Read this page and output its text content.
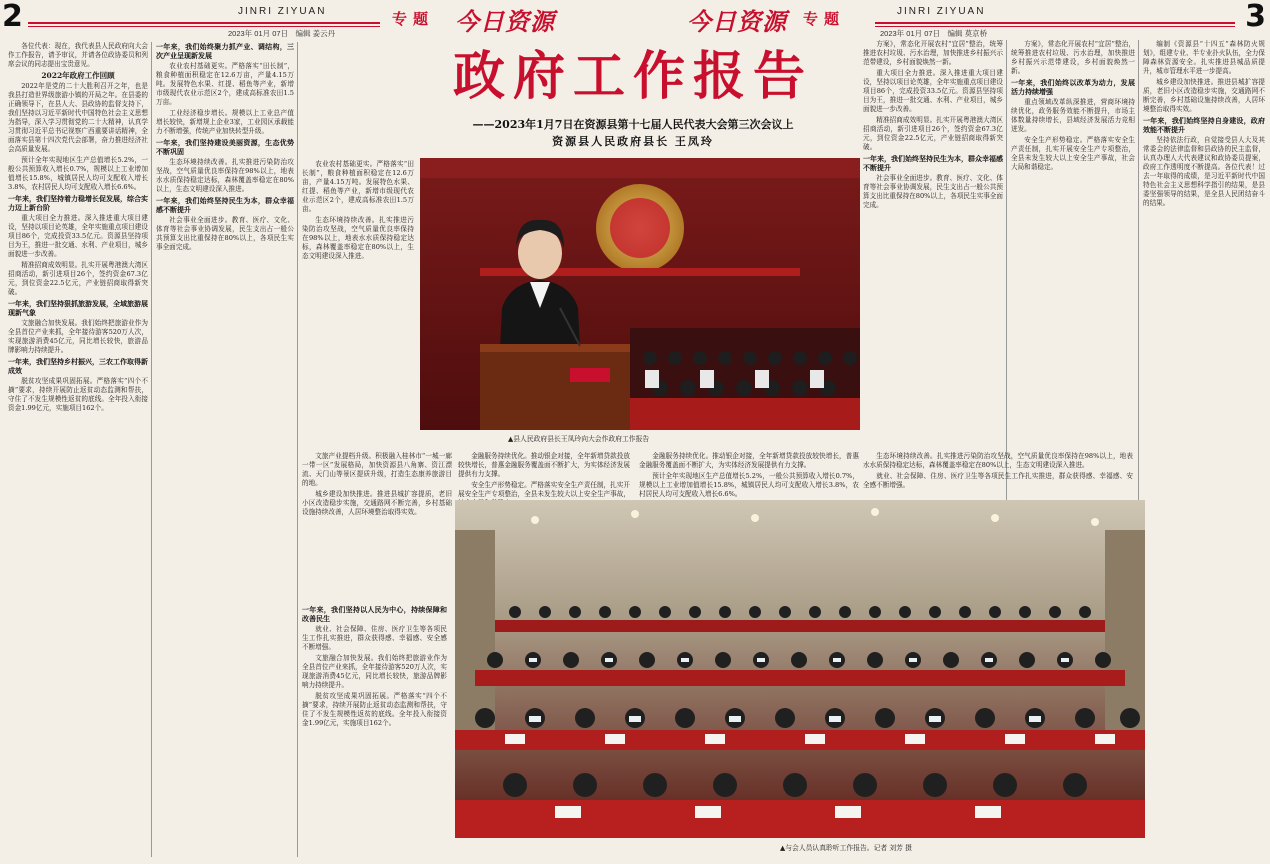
2	JINRI ZIYUAN	专题 今日资源
2023年 01月 07日　编辑 姜云丹

各位代表：现在，我代表县人民政府向大会作工作报告，请予审议，并请各位政协委员和列席会议的同志提出宝贵意见。

2022年政府工作回顾

2022年是党的二十大胜利召开之年，也是我县打造世界级旅游小镇的开局之年。在县委的正确领导下，在县人大、县政协的监督支持下，我们坚持以习近平新时代中国特色社会主义思想为指导，深入学习贯彻党的二十大精神，认真学习贯彻习近平总书记视察广西重要讲话精神，全面落实县第十四次党代会部署，奋力推进经济社会高质量发展。

预计全年实现地区生产总值增长5.2%，一般公共预算收入增长0.7%，规模以上工业增加值增长15.8%，城镇居民人均可支配收入增长3.8%，农村居民人均可支配收入增长6.6%。

一年来，我们坚持着力稳增长促发展，综合实力迈上新台阶

重大项目全力推进。深入推进重大项目建设，坚持以项目论英雄，全年实施重点项目建设项目86个，完成投资33.5亿元。资源县坚持项目为王，推进一批交通、水利、产业项目，城乡面貌进一步改善。

精准招商成效明显。扎实开展粤港澳大湾区招商活动，新引进项目26个，签约资金67.3亿元，到位资金22.5亿元，产业链招商取得新突破。

一年来，我们坚持狠抓旅游发展，全域旅游展现新气象

文旅融合加快发展。我们始终把旅游业作为全县首位产业来抓，全年接待游客520万人次，实现旅游消费45亿元，同比增长较快，旅游品牌影响力持续提升。

一年来，我们坚持乡村振兴，三农工作取得新成效

脱贫攻坚成果巩固拓展。严格落实“四个不摘”要求，持续开展防止返贫动态监测和帮扶，守住了不发生规模性返贫的底线。全年投入衔接资金1.99亿元，实施项目162个。

一年来，我们始终聚力抓产业、调结构，三次产业呈现新发展

农业农村基础更实。严格落实“田长制”，粮食种植面积稳定在12.6万亩，产量4.15万吨。发展特色水果、红提、稻鱼等产业，新增市级现代农业示范区2个，建成高标准农田1.5万亩。

工业经济稳步增长。规模以上工业总产值增长较快，新增规上企业3家，工业园区承载能力不断增强，传统产业加快转型升级。

一年来，我们坚持建设美丽资源，生态优势不断巩固

生态环境持续改善。扎实推进污染防治攻坚战，空气质量优良率保持在98%以上，地表水水质保持稳定达标，森林覆盖率稳定在80%以上，生态文明建设深入推进。

一年来，我们始终坚持民生为本，群众幸福感不断提升

社会事业全面进步。教育、医疗、文化、体育等社会事业协调发展，民生支出占一般公共预算支出比重保持在80%以上，各项民生实事全面完成。

农业农村基础更实。严格落实“田长制”，粮食种植面积稳定在12.6万亩，产量4.15万吨。发展特色水果、红提、稻鱼等产业，新增市级现代农业示范区2个，建成高标准农田1.5万亩。

生态环境持续改善。扎实推进污染防治攻坚战，空气质量优良率保持在98%以上，地表水水质保持稳定达标，森林覆盖率稳定在80%以上，生态文明建设深入推进。

文旅产业提档升级。积极融入桂林市“一城一廊一带一区”发展格局，加快资源县八角寨、资江漂流、天门山等景区提质升级，打造生态康养旅游目的地。

城乡建设加快推进。推进县城扩容提质，老旧小区改造稳步实施，交通路网不断完善，乡村基础设施持续改善，人居环境整治取得实效。

金融服务持续优化。推动银企对接，全年新增贷款投放较快增长，普惠金融服务覆盖面不断扩大，为实体经济发展提供有力支撑。

安全生产形势稳定。严格落实安全生产责任制，扎实开展安全生产专项整治，全县未发生较大以上安全生产事故，

一年来，我们坚持以人民为中心，持续保障和改善民生

就业、社会保障、住房、医疗卫生等各项民生工作扎实推进，群众获得感、幸福感、安全感不断增强。

文旅融合加快发展。我们始终把旅游业作为全县首位产业来抓，全年接待游客520万人次，实现旅游消费45亿元，同比增长较快，旅游品牌影响力持续提升。

脱贫攻坚成果巩固拓展。严格落实“四个不摘”要求，持续开展防止返贫动态监测和帮扶，守住了不发生规模性返贫的底线。全年投入衔接资金1.99亿元，实施项目162个。

今日资源 专题	JINRI ZIYUAN	3
2023年 01月 07日　编辑 莫京桥

方案》，常态化开展农村“宜居”整治，统筹推进农村垃圾、污水治理，加快推进乡村振兴示范带建设，乡村面貌焕然一新。

重大项目全力推进。深入推进重大项目建设，坚持以项目论英雄，全年实施重点项目建设项目86个，完成投资33.5亿元。资源县坚持项目为王，推进一批交通、水利、产业项目，城乡面貌进一步改善。

精准招商成效明显。扎实开展粤港澳大湾区招商活动，新引进项目26个，签约资金67.3亿元，到位资金22.5亿元，产业链招商取得新突破。

一年来，我们始终坚持民生为本，群众幸福感不断提升

社会事业全面进步。教育、医疗、文化、体育等社会事业协调发展，民生支出占一般公共预算支出比重保持在80%以上，各项民生实事全面完成。

方案》，常态化开展农村“宜居”整治，统筹推进农村垃圾、污水治理，加快推进乡村振兴示范带建设，乡村面貌焕然一新。

一年来，我们始终以改革为动力，发展活力持续增强

重点领域改革纵深推进，营商环境持续优化，政务服务效能不断提升，市场主体数量持续增长，县域经济发展活力竞相迸发。

安全生产形势稳定。严格落实安全生产责任制，扎实开展安全生产专项整治，全县未发生较大以上安全生产事故，社会大局和谐稳定。

编制《资源县“十四五”森林防火规划》，组建专业、半专业扑火队伍，全力保障森林资源安全。扎实推进县城品质提升，城市管理水平进一步提高。

城乡建设加快推进。推进县城扩容提质，老旧小区改造稳步实施，交通路网不断完善，乡村基础设施持续改善，人居环境整治取得实效。

一年来，我们始终坚持自身建设，政府效能不断提升

坚持依法行政，自觉接受县人大及其常委会的法律监督和县政协的民主监督，认真办理人大代表建议和政协委员提案，政府工作透明度不断提高。各位代表！过去一年取得的成绩，是习近平新时代中国特色社会主义思想科学指引的结果，是县委坚强领导的结果，是全县人民团结奋斗的结果。

金融服务持续优化。推动银企对接，全年新增贷款投放较快增长，普惠金融服务覆盖面不断扩大，为实体经济发展提供有力支撑。

预计全年实现地区生产总值增长5.2%，一般公共预算收入增长0.7%，规模以上工业增加值增长15.8%，城镇居民人均可支配收入增长3.8%，农村居民人均可支配收入增长6.6%。

生态环境持续改善。扎实推进污染防治攻坚战，空气质量优良率保持在98%以上，地表水水质保持稳定达标，森林覆盖率稳定在80%以上，生态文明建设深入推进。

就业、社会保障、住房、医疗卫生等各项民生工作扎实推进，群众获得感、幸福感、安全感不断增强。

政府工作报告
——2023年1月7日在资源县第十七届人民代表大会第三次会议上
资源县人民政府县长 王凤玲
▲县人民政府县长王凤玲向大会作政府工作报告
▲与会人员认真聆听工作报告。记者 刘芳 摄
